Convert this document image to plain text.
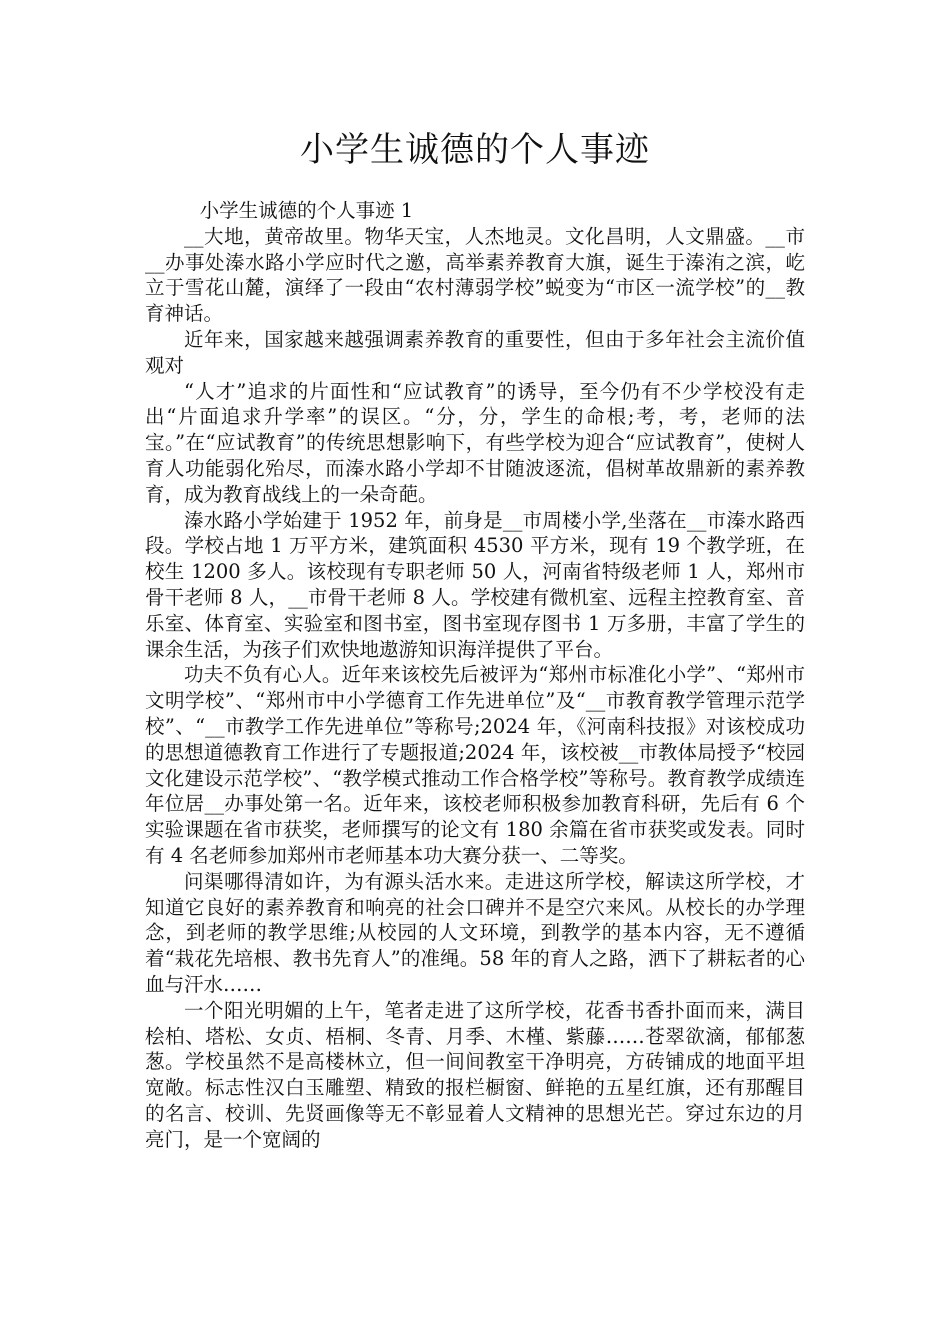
小学生诚德的个人事迹

小学生诚德的个人事迹 1

__大地，黄帝故里。物华天宝，人杰地灵。文化昌明，人文鼎盛。__市__办事处溱水路小学应时代之邀，高举素养教育大旗，诞生于溱洧之滨，屹立于雪花山麓，演绎了一段由“农村薄弱学校”蜕变为“市区一流学校”的__教育神话。

近年来，国家越来越强调素养教育的重要性，但由于多年社会主流价值观对

“人才”追求的片面性和“应试教育”的诱导，至今仍有不少学校没有走出“片面追求升学率”的误区。“分，分，学生的命根;考，考，老师的法宝。”在“应试教育”的传统思想影响下，有些学校为迎合“应试教育”，使树人育人功能弱化殆尽，而溱水路小学却不甘随波逐流，倡树革故鼎新的素养教育，成为教育战线上的一朵奇葩。

溱水路小学始建于 1952 年，前身是__市周楼小学,坐落在__市溱水路西段。学校占地 1 万平方米，建筑面积 4530 平方米，现有 19 个教学班，在校生 1200 多人。该校现有专职老师 50 人，河南省特级老师 1 人，郑州市骨干老师 8 人，__市骨干老师 8 人。学校建有微机室、远程主控教育室、音乐室、体育室、实验室和图书室，图书室现存图书 1 万多册，丰富了学生的课余生活，为孩子们欢快地遨游知识海洋提供了平台。

功夫不负有心人。近年来该校先后被评为“郑州市标准化小学”、“郑州市文明学校”、“郑州市中小学德育工作先进单位”及“__市教育教学管理示范学校”、“__市教学工作先进单位”等称号;2024 年，《河南科技报》对该校成功的思想道德教育工作进行了专题报道;2024 年，该校被__市教体局授予“校园文化建设示范学校”、“教学模式推动工作合格学校”等称号。教育教学成绩连年位居__办事处第一名。近年来，该校老师积极参加教育科研，先后有 6 个实验课题在省市获奖，老师撰写的论文有 180 余篇在省市获奖或发表。同时有 4 名老师参加郑州市老师基本功大赛分获一、二等奖。

问渠哪得清如许，为有源头活水来。走进这所学校，解读这所学校，才知道它良好的素养教育和响亮的社会口碑并不是空穴来风。从校长的办学理念，到老师的教学思维;从校园的人文环境，到教学的基本内容，无不遵循着“栽花先培根、教书先育人”的准绳。58 年的育人之路，洒下了耕耘者的心血与汗水……

一个阳光明媚的上午，笔者走进了这所学校，花香书香扑面而来，满目桧柏、塔松、女贞、梧桐、冬青、月季、木槿、紫藤……苍翠欲滴，郁郁葱葱。学校虽然不是高楼林立，但一间间教室干净明亮，方砖铺成的地面平坦宽敞。标志性汉白玉雕塑、精致的报栏橱窗、鲜艳的五星红旗，还有那醒目的名言、校训、先贤画像等无不彰显着人文精神的思想光芒。穿过东边的月亮门，是一个宽阔的
